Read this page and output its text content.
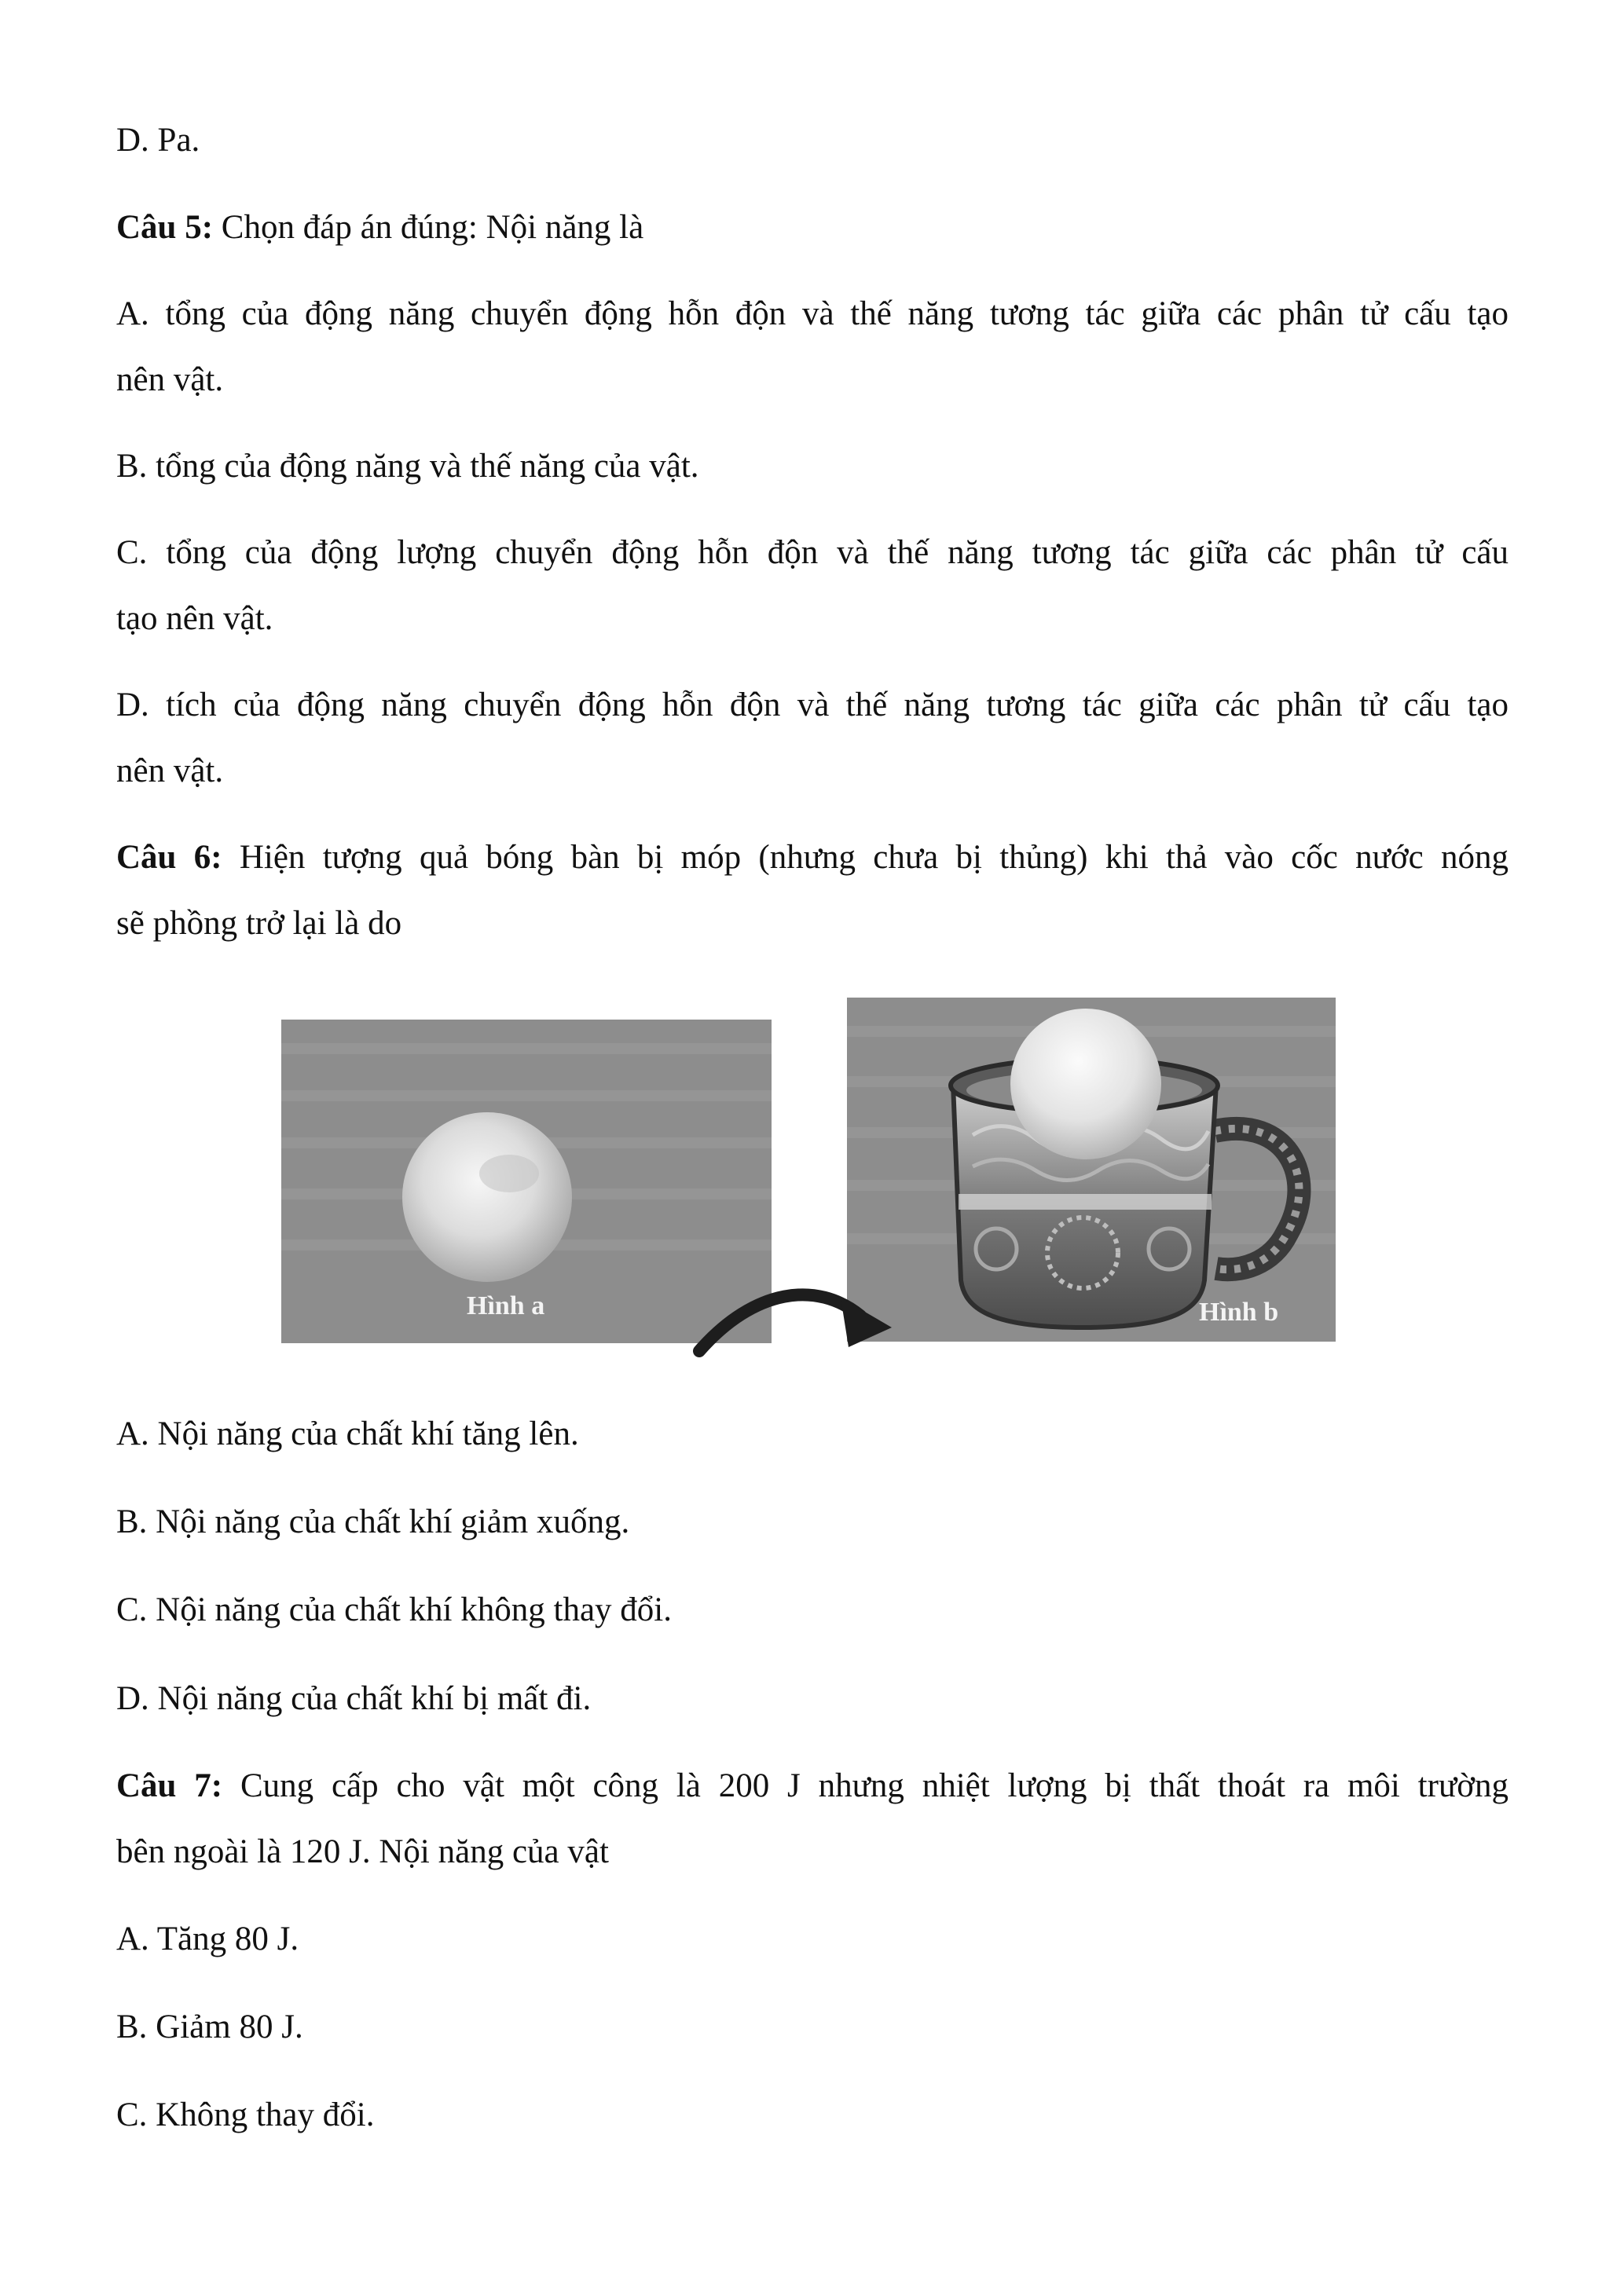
D. Pa.
Câu 5: Chọn đáp án đúng: Nội năng là
A. tổng của động năng chuyển động hỗn độn và thế năng tương tác giữa các phân tử cấu tạo
nên vật.
B. tổng của động năng và thế năng của vật.
C. tổng của động lượng chuyển động hỗn độn và thế năng tương tác giữa các phân tử cấu
tạo nên vật.
D. tích của động năng chuyển động hỗn độn và thế năng tương tác giữa các phân tử cấu tạo
nên vật.
Câu 6: Hiện tượng quả bóng bàn bị móp (nhưng chưa bị thủng) khi thả vào cốc nước nóng
sẽ phồng trở lại là do
Hình a	Hình b
A. Nội năng của chất khí tăng lên.
B. Nội năng của chất khí giảm xuống.
C. Nội năng của chất khí không thay đổi.
D. Nội năng của chất khí bị mất đi.
Câu 7: Cung cấp cho vật một công là 200 J nhưng nhiệt lượng bị thất thoát ra môi trường
bên ngoài là 120 J. Nội năng của vật
A. Tăng 80 J.
B. Giảm 80 J.
C. Không thay đổi.
